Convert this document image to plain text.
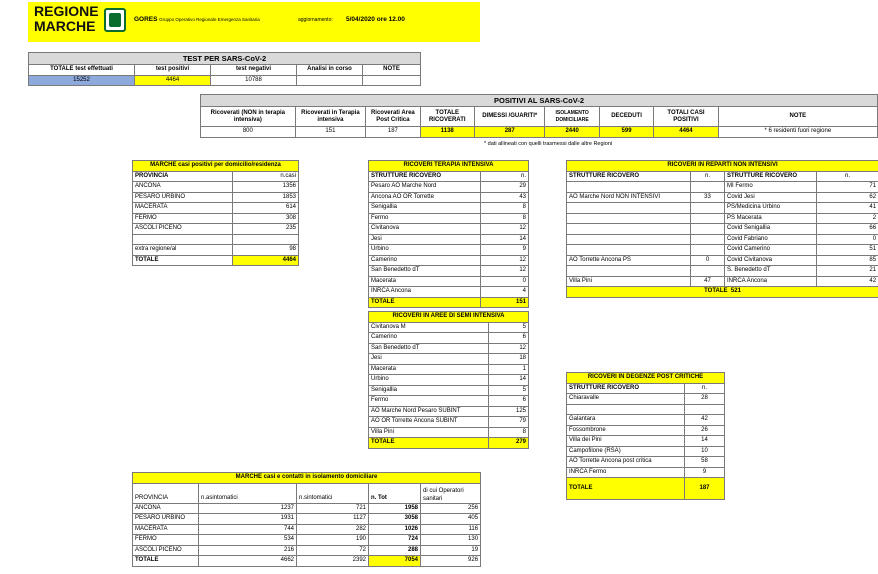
REGIONE
MARCHE	GORES Gruppo Operativo Regionale Emergenza Sanitaria	aggiornamento: 5/04/2020 ore 12.00
TEST PER SARS-CoV-2				
TOTALE test effettuati	test positivi	test negativi	Analisi in corso	NOTE
15252	4464	10788		
POSITIVI AL SARS-CoV-2								
Ricoverati (NON in terapia intensiva)	Ricoverati in Terapia intensiva	Ricoverati Area Post Critica	TOTALE RICOVERATI	DIMESSI /GUARITI*	ISOLAMENTO DOMICILIARE	DECEDUTI	TOTALI CASI POSITIVI	NOTE
800	151	187	1138	287	2440	599	4464	* 6 residenti fuori regione
* dati allineati con quelli trasmessi dalle altre Regioni
MARCHE casi positivi per domicilio/residenza	
PROVINCIA	n.casi
ANCONA	1356
PESARO URBINO	1853
MACERATA	614
FERMO	308
ASCOLI PICENO	235

extra regione/al	98
TOTALE	4464
RICOVERI TERAPIA INTENSIVA	
STRUTTURE RICOVERO	n.
Pesaro AO Marche Nord	29
Ancona AO OR Torrette	43
Senigallia	8
Fermo	8
Civitanova	12
Jesi	14
Urbino	9
Camerino	12
San Benedetto dT	12
Macerata	0
INRCA Ancona	4
TOTALE	151
RICOVERI IN REPARTI NON INTENSIVI			
STRUTTURE RICOVERO	n.	STRUTTURE RICOVERO	n.
		MI Fermo	71
AO Marche Nord NON INTENSIVI	33	Covid Jesi	62
		PS/Medicina Urbino	41
		PS Macerata	2
		Covid Senigallia	66
		Covid Fabriano	0
		Covid Camerino	51
AO Torrette Ancona PS	0	Covid Civitanova	85
		S. Benedetto dT	21
Villa Pini	47	INRCA Ancona	42
TOTALE 521			
RICOVERI IN AREE DI SEMI INTENSIVA	
Civitanova M	5
Camerino	6
San Benedetto dT	12
Jesi	18
Macerata	1
Urbino	14
Senigallia	5
Fermo	6
AO Marche Nord Pesaro SUBINT	125
AO OR Torrette Ancona SUBINT	79
Villa Pini	8
TOTALE	279
RICOVERI IN DEGENZE POST CRITICHE	
STRUTTURE RICOVERO	n.
Chiaravalle	28

Galantara	42
Fossombrone	26
Villa dei Pini	14
Campofilone (RSA)	10
AO Torrette Ancona post critica	58
INRCA Fermo	9
TOTALE	187
MARCHE casi e contatti in isolamento domiciliare				
PROVINCIA	n.asintomatici	n.sintomatici	n. Tot	di cui Operatori sanitari
ANCONA	1237	721	1958	256
PESARO URBINO	1931	1127	3058	405
MACERATA	744	282	1026	116
FERMO	534	190	724	130
ASCOLI PICENO	216	72	288	19
TOTALE	4662	2392	7054	926
